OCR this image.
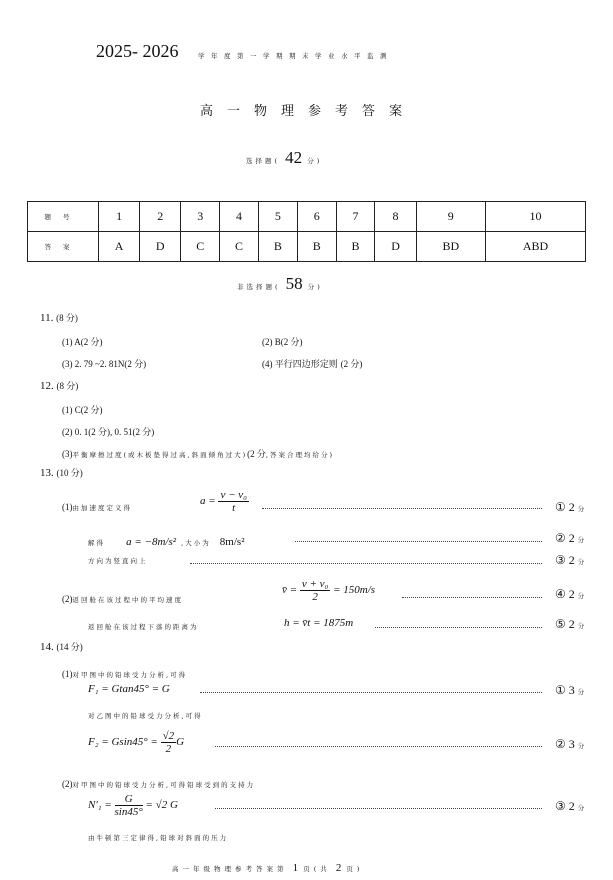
2025- 2026	学年度第一学期期末学业水平监测
高一物理参考答案
选择题( 42 分)
题号	1	2	3	4	5	6	7	8	9	10
答案	A	D	C	C	B	B	B	D	BD	ABD
非选择题( 58 分)
11. (8 分)
(1) A(2 分)	(2) B(2 分)
(3) 2. 79 ~2. 81N(2 分)	(4) 平行四边形定则 (2 分)
12. (8 分)
(1) C(2 分)
(2) 0. 1(2 分), 0. 51(2 分)
(3)平衡摩擦过度(或木板垫得过高,斜面倾角过大)(2 分,答案合理均给分)
13. (10 分)
(1)由加速度定义得
$a = \frac{\text{v − v₀}}{t}$	① 2 分
解得 a = −8m/s² ,大小为 8m/s²	② 2 分
方向为竖直向上	③ 2 分
(2)返回舱在该过程中的平均速度
v̄ = $\frac{\text{v + v₀}}{2} = 150m/s$	④ 2 分
返回舱在该过程下落的距离为	h = v̄t = 1875m	⑤ 2 分
14. (14 分)
(1)对甲图中的铅球受力分析,可得
F₁ = Gtan45° = G	① 3 分
对乙图中的铅球受力分析,可得
$F_2 = Gsin45^\circ = \frac{√2}{2}$ G	② 3 分
(2)对甲图中的铅球受力分析,可得铅球受到的支持力
$N'_1 = \frac{G}{\sin 45^\circ} = √2$ G	③ 2 分
由牛顿第三定律得,铅球对斜面的压力
高一年级物理参考答案第 1 页(共 2 页)
